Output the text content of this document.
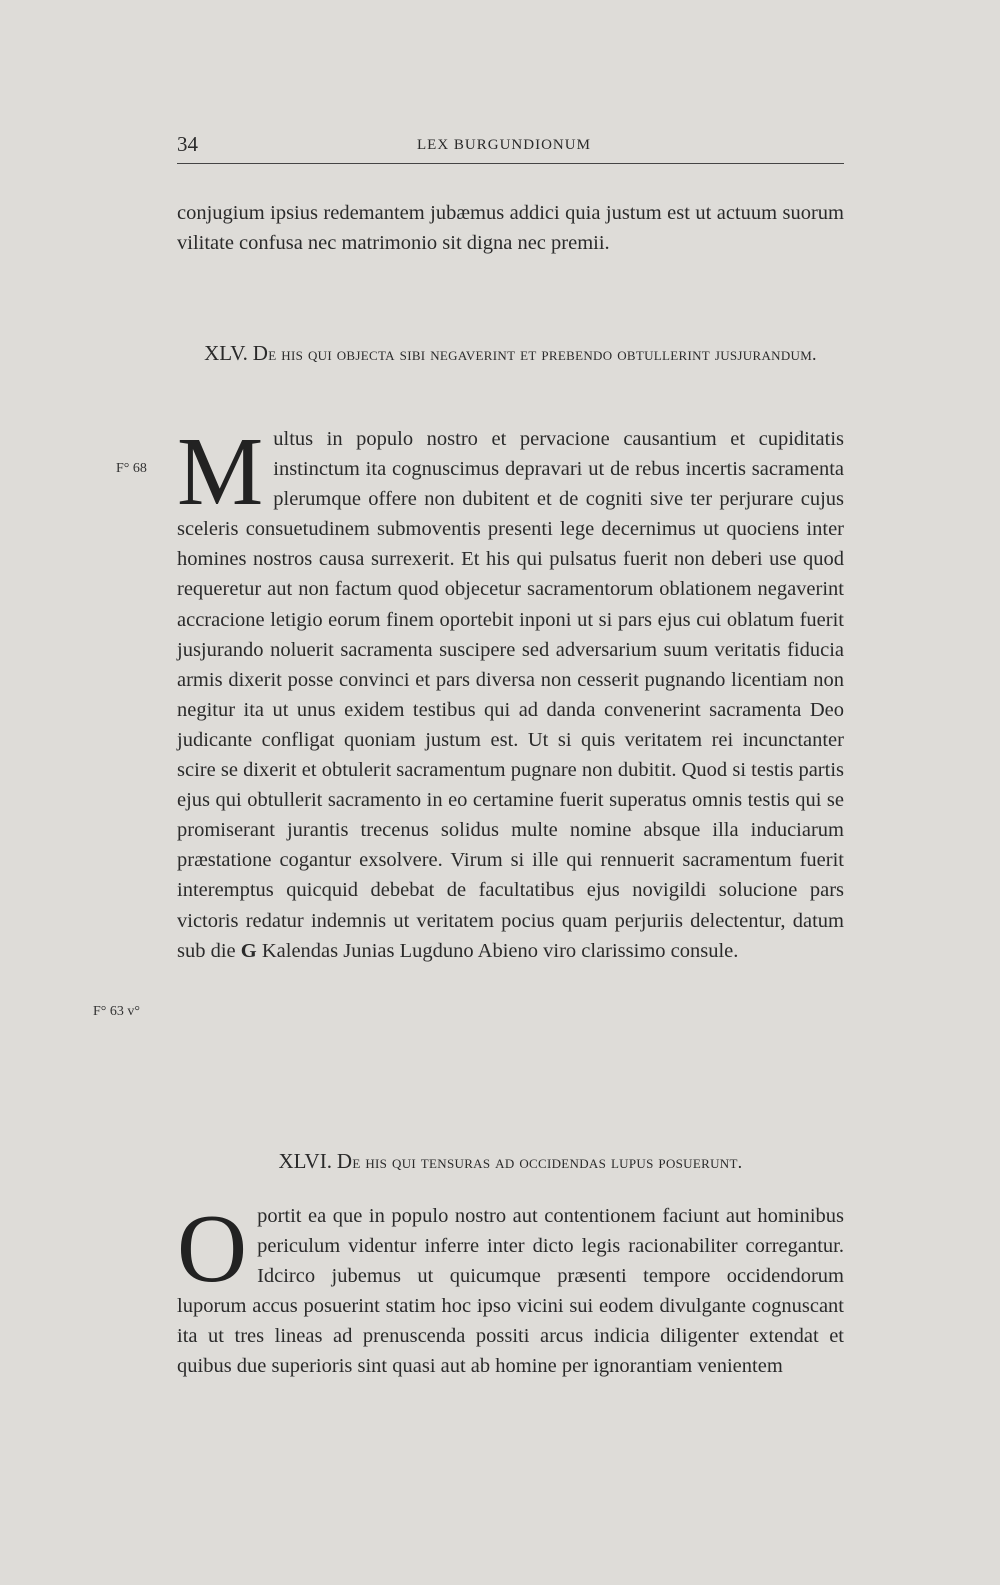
34	LEX BURGUNDIONUM

conjugium ipsius redemantem jubæmus addici quia justum est ut actuum suorum vilitate confusa nec matrimonio sit digna nec premii.

XLV. De his qui objecta sibi negaverint et prebendo obtullerint jusjurandum.

M ultus in populo nostro et pervacione causantium et cupiditatis instinctum ita cognuscimus depravari ut de rebus incertis sacramenta plerumque offere non dubitent et de cogniti sive ter perjurare cujus sceleris consuetudinem submoventis presenti lege decernimus ut quociens inter homines nostros causa surrexerit. Et his qui pulsatus fuerit non deberi use quod requeretur aut non factum quod objecetur sacramentorum oblationem negaverint accracione letigio eorum finem oportebit inponi ut si pars ejus cui oblatum fuerit jusjurando noluerit sacramenta suscipere sed adversarium suum veritatis fiducia armis dixerit posse convinci et pars diversa non cesserit pugnando licentiam non negitur ita ut unus exidem testibus qui ad danda convenerint sacramenta Deo judicante confligat quoniam justum est. Ut si quis veritatem rei incunctanter scire se dixerit et obtulerit sacramentum pugnare non dubitit. Quod si testis partis ejus qui obtullerit sacramento in eo certamine fuerit superatus omnis testis qui se promiserant jurantis trecenus solidus multe nomine absque illa induciarum præstatione cogantur exsolvere. Virum si ille qui rennuerit sacramentum fuerit interemptus quicquid debebat de facultatibus ejus novigildi solucione pars victoris redatur indemnis ut veritatem pocius quam perjuriis delectentur, datum sub die G Kalendas Junias Lugduno Abieno viro clarissimo consule.

F° 68
F° 63 v°

XLVI. De his qui tensuras ad occidendas lupus posuerunt.

O portit ea que in populo nostro aut contentionem faciunt aut hominibus periculum videntur inferre inter dicto legis racionabiliter corregantur. Idcirco jubemus ut quicumque præsenti tempore occidendorum luporum accus posuerint statim hoc ipso vicini sui eodem divulgante cognuscant ita ut tres lineas ad prenuscenda possiti arcus indicia diligenter extendat et quibus due superioris sint quasi aut ab homine per ignorantiam venientem
